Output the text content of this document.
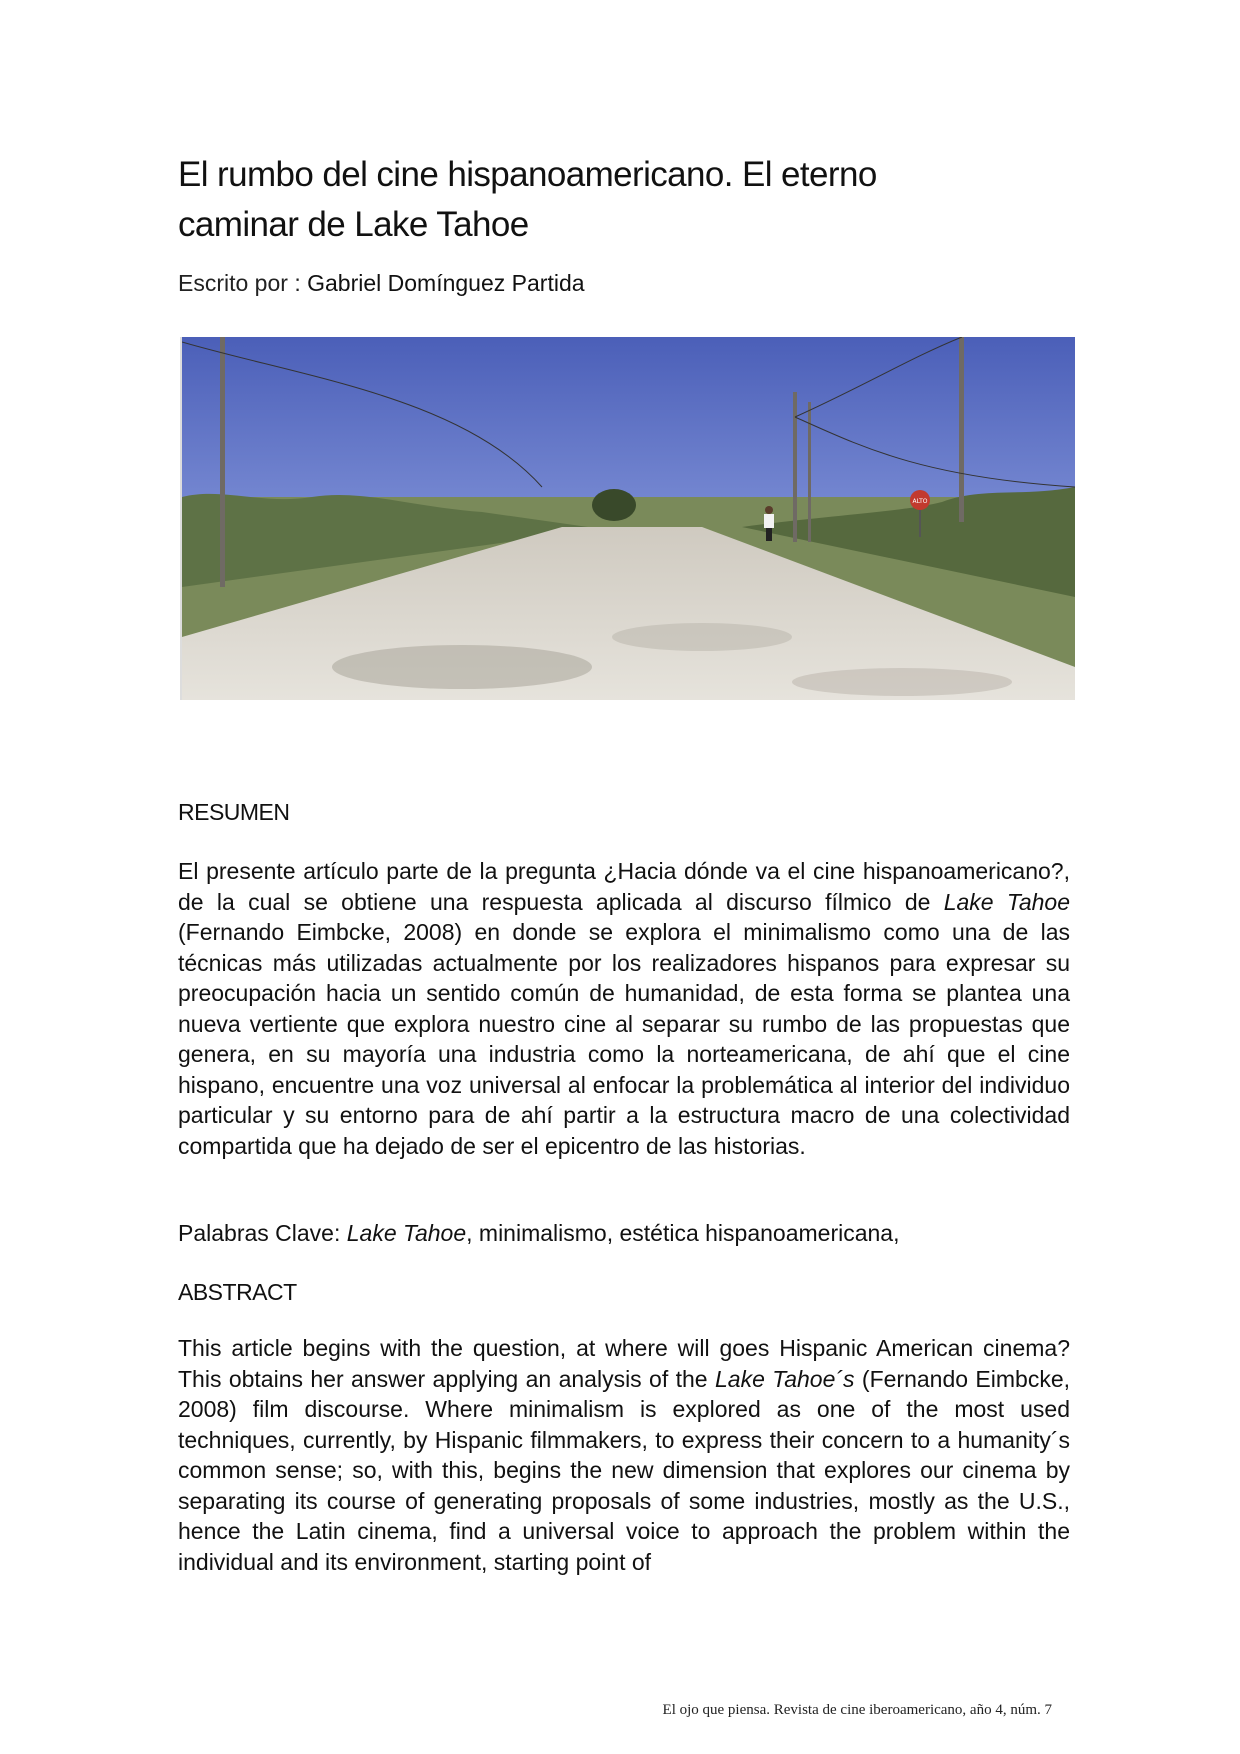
El rumbo del cine hispanoamericano. El eterno
caminar de Lake Tahoe
Escrito por : Gabriel Domínguez Partida
ALTO
RESUMEN

El presente artículo parte de la pregunta ¿Hacia dónde va el cine hispanoamericano?, de la cual se obtiene una respuesta aplicada al discurso fílmico de Lake Tahoe (Fernando Eimbcke, 2008) en donde se explora el minimalismo como una de las técnicas más utilizadas actualmente por los realizadores hispanos para expresar su preocupación hacia un sentido común de humanidad, de esta forma se plantea una nueva vertiente que explora nuestro cine al separar su rumbo de las propuestas que genera, en su mayoría una industria como la norteamericana, de ahí que el cine hispano, encuentre una voz universal al enfocar la problemática al interior del individuo particular y su entorno para de ahí partir a la estructura macro de una colectividad compartida que ha dejado de ser el epicentro de las historias.

Palabras Clave: Lake Tahoe, minimalismo, estética hispanoamericana,
ABSTRACT

This article begins with the question, at where will goes Hispanic American cinema? This obtains her answer applying an analysis of the Lake Tahoe´s (Fernando Eimbcke, 2008) film discourse. Where minimalism is explored as one of the most used techniques, currently, by Hispanic filmmakers, to express their concern to a humanity´s common sense; so, with this, begins the new dimension that explores our cinema by separating its course of generating proposals of some industries, mostly as the U.S., hence the Latin cinema, find a universal voice to approach the problem within the individual and its environment, starting point of

El ojo que piensa. Revista de cine iberoamericano, año 4, núm. 7
